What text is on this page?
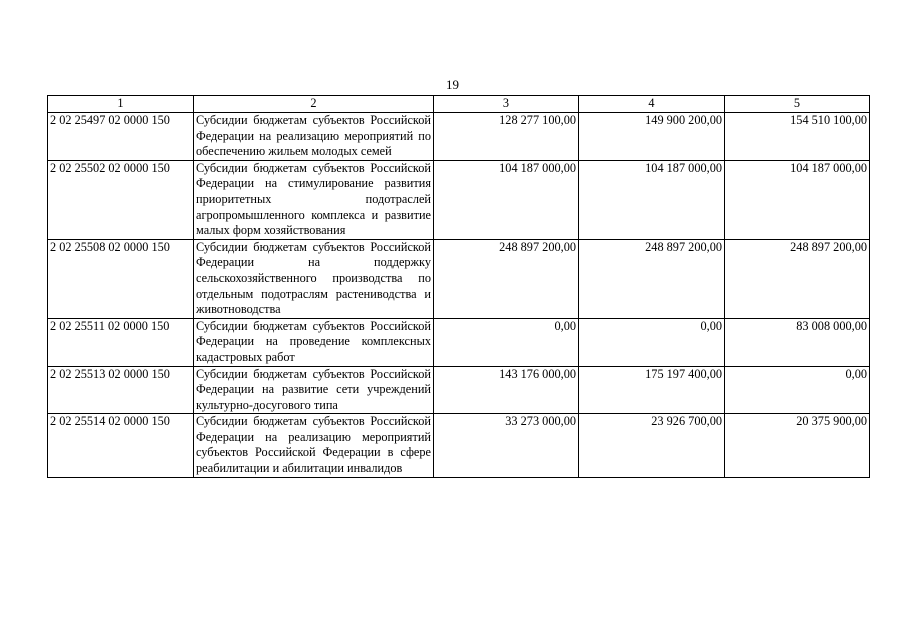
19
1	2	3	4	5
2 02 25497 02 0000 150	Субсидии бюджетам субъектов Российской Федерации на реализацию мероприятий по обеспечению жильем молодых семей	128 277 100,00	149 900 200,00	154 510 100,00
2 02 25502 02 0000 150	Субсидии бюджетам субъектов Российской Федерации на стимулирование развития приоритетных подотраслей агропромышленного комплекса и развитие малых форм хозяйствования	104 187 000,00	104 187 000,00	104 187 000,00
2 02 25508 02 0000 150	Субсидии бюджетам субъектов Российской Федерации на поддержку сельскохозяйственного производства по отдельным подотраслям растениводства и животноводства	248 897 200,00	248 897 200,00	248 897 200,00
2 02 25511 02 0000 150	Субсидии бюджетам субъектов Российской Федерации на проведение комплексных кадастровых работ	0,00	0,00	83 008 000,00
2 02 25513 02 0000 150	Субсидии бюджетам субъектов Российской Федерации на развитие сети учреждений культурно-досугового типа	143 176 000,00	175 197 400,00	0,00
2 02 25514 02 0000 150	Субсидии бюджетам субъектов Российской Федерации на реализацию мероприятий субъектов Российской Федерации в сфере реабилитации и абилитации инвалидов	33 273 000,00	23 926 700,00	20 375 900,00
